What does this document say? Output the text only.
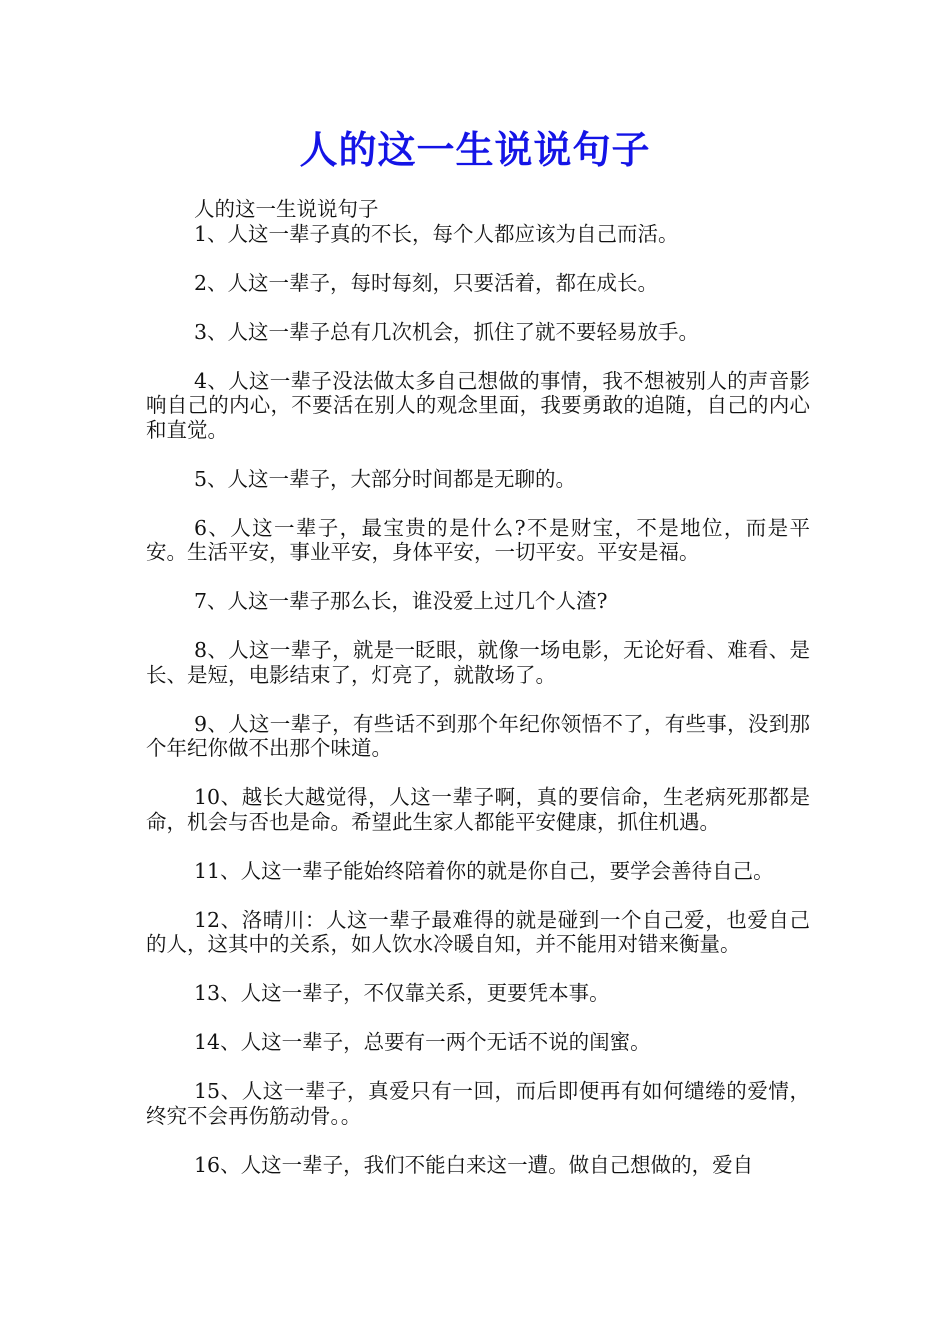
人的这一生说说句子

人的这一生说说句子

1、人这一辈子真的不长，每个人都应该为自己而活。

2、人这一辈子，每时每刻，只要活着，都在成长。

3、人这一辈子总有几次机会，抓住了就不要轻易放手。

4、人这一辈子没法做太多自己想做的事情，我不想被别人的声音影响自己的内心，不要活在别人的观念里面，我要勇敢的追随，自己的内心和直觉。

5、人这一辈子，大部分时间都是无聊的。

6、人这一辈子，最宝贵的是什么?不是财宝，不是地位，而是平安。生活平安，事业平安，身体平安，一切平安。平安是福。

7、人这一辈子那么长，谁没爱上过几个人渣?

8、人这一辈子，就是一眨眼，就像一场电影，无论好看、难看、是长、是短，电影结束了，灯亮了，就散场了。

9、人这一辈子，有些话不到那个年纪你领悟不了，有些事，没到那个年纪你做不出那个味道。

10、越长大越觉得，人这一辈子啊，真的要信命，生老病死那都是命，机会与否也是命。希望此生家人都能平安健康，抓住机遇。

11、人这一辈子能始终陪着你的就是你自己，要学会善待自己。

12、洛晴川：人这一辈子最难得的就是碰到一个自己爱，也爱自己的人，这其中的关系，如人饮水冷暖自知，并不能用对错来衡量。

13、人这一辈子，不仅靠关系，更要凭本事。

14、人这一辈子，总要有一两个无话不说的闺蜜。

15、人这一辈子，真爱只有一回，而后即便再有如何缱绻的爱情，终究不会再伤筋动骨。。

16、人这一辈子，我们不能白来这一遭。做自己想做的，爱自
